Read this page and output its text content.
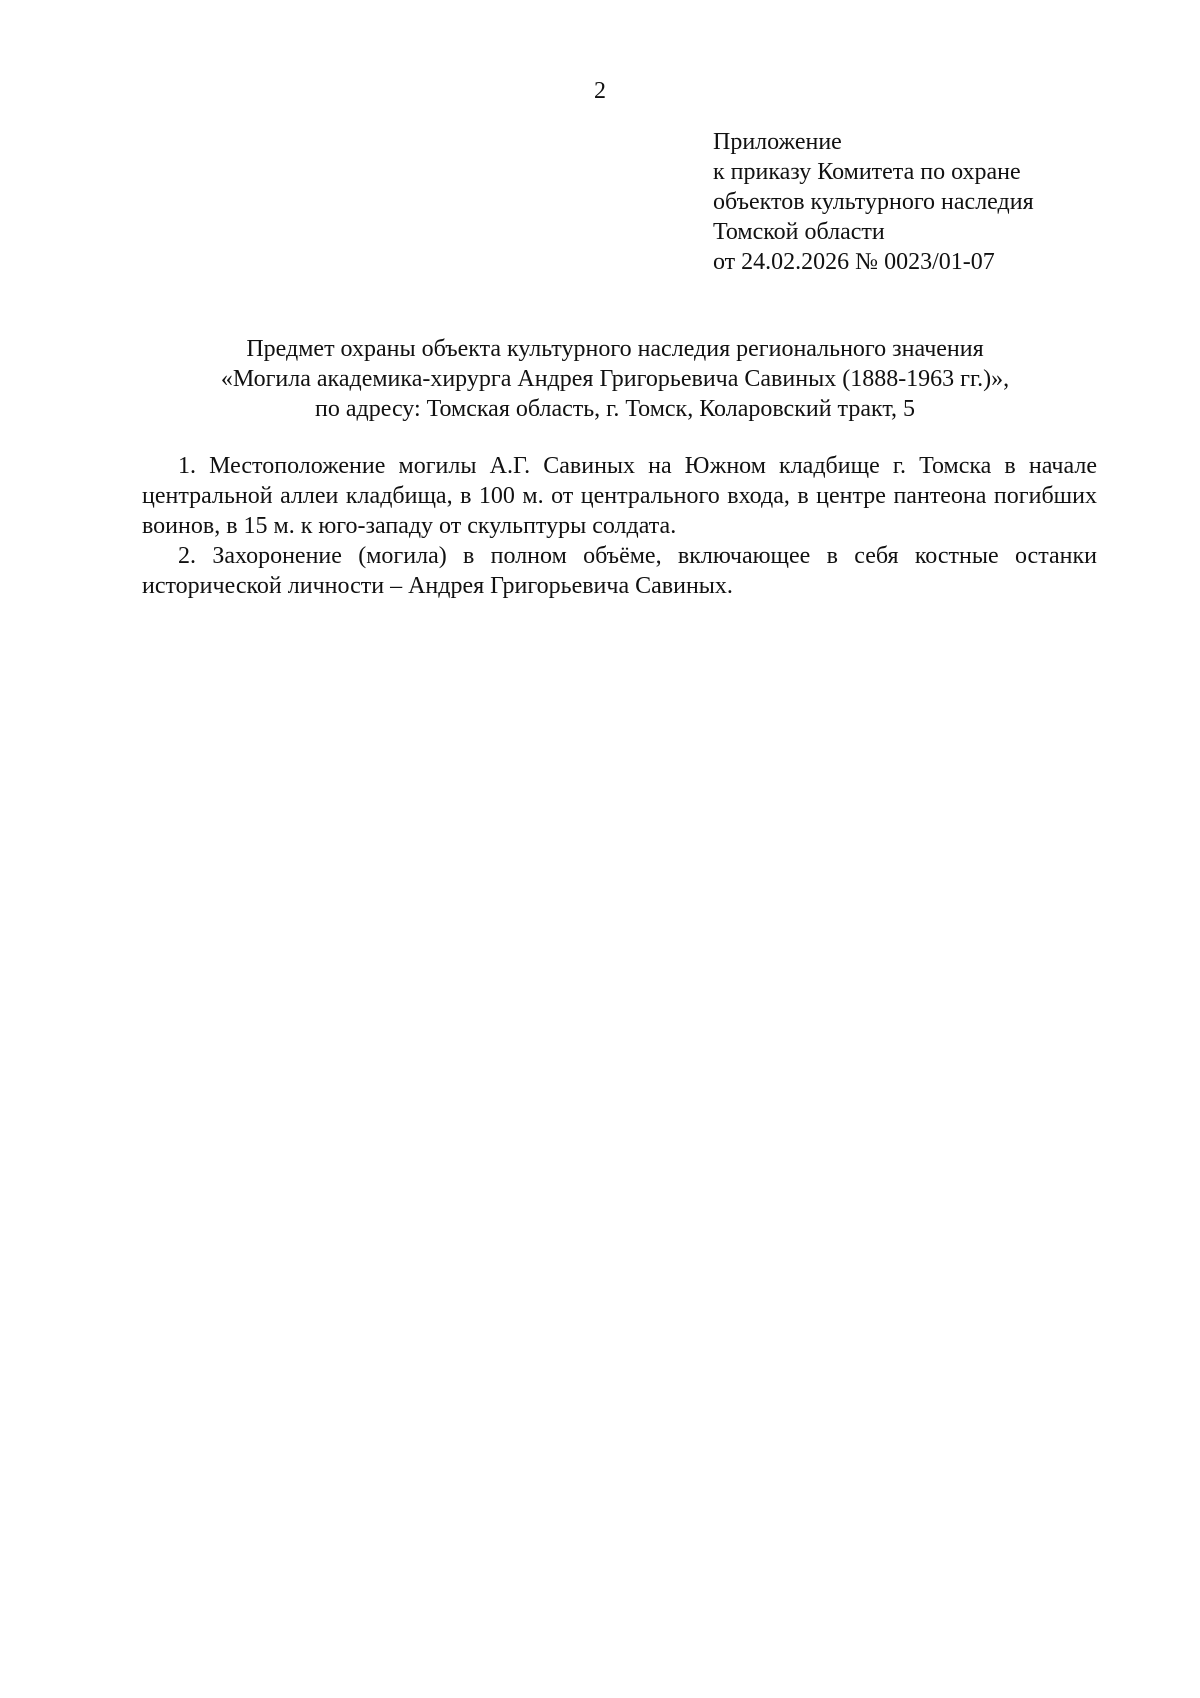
2
Приложение
к приказу Комитета по охране
объектов культурного наследия
Томской области
от 24.02.2026 № 0023/01-07
Предмет охраны объекта культурного наследия регионального значения
«Могила академика-хирурга Андрея Григорьевича Савиных (1888-1963 гг.)»,
по адресу: Томская область, г. Томск, Коларовский тракт, 5

1. Местоположение могилы А.Г. Савиных на Южном кладбище г. Томска в начале центральной аллеи кладбища, в 100 м. от центрального входа, в центре пантеона погибших воинов, в 15 м. к юго-западу от скульптуры солдата.

2. Захоронение (могила) в полном объёме, включающее в себя костные останки исторической личности – Андрея Григорьевича Савиных.
